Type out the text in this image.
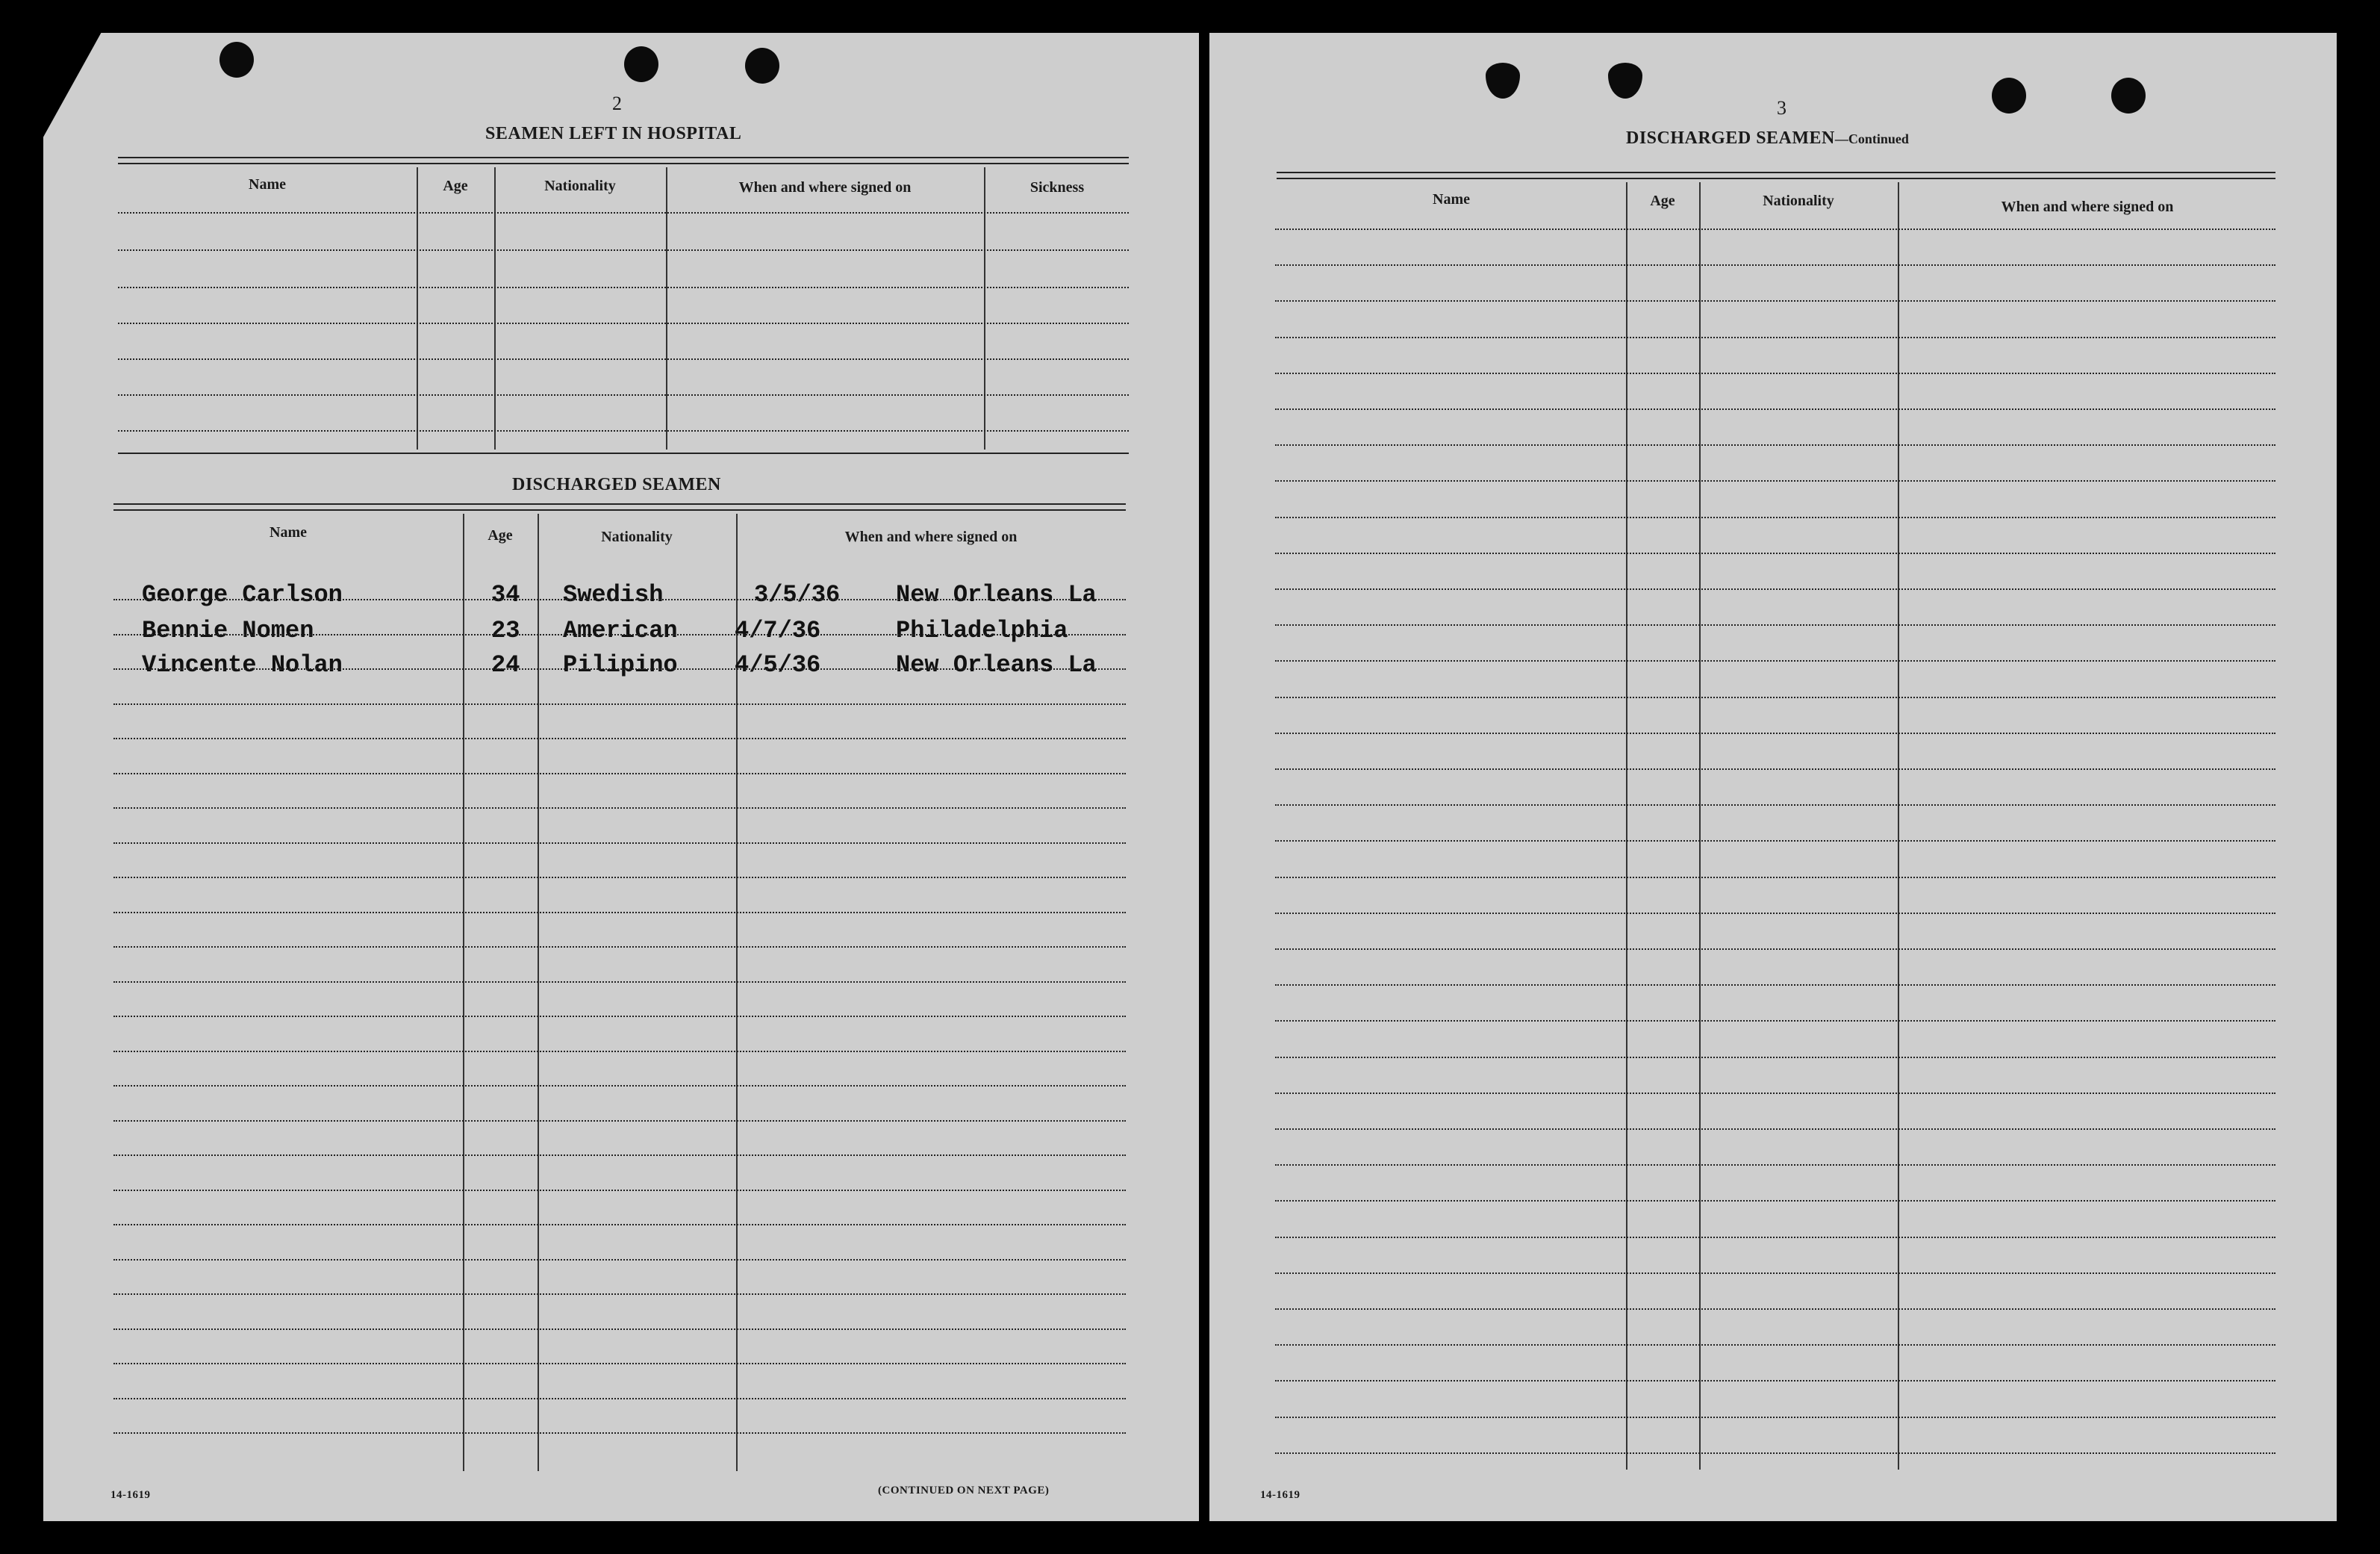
2
SEAMEN LEFT IN HOSPITAL
Name	Age	Nationality	When and where signed on	Sickness
DISCHARGED SEAMEN
Name	Age	Nationality	When and where signed on
George Carlson	34 Swedish	3/5/36 New Orleans La
Bennie Nomen	23 American 4/7/36	Philadelphia
Vincente Nolan	24 Pilipino 4/5/36	New Orleans La
14-1619	(CONTINUED ON NEXT PAGE)
3
DISCHARGED SEAMEN—Continued
Name	Age	Nationality	When and where signed on
14-1619
